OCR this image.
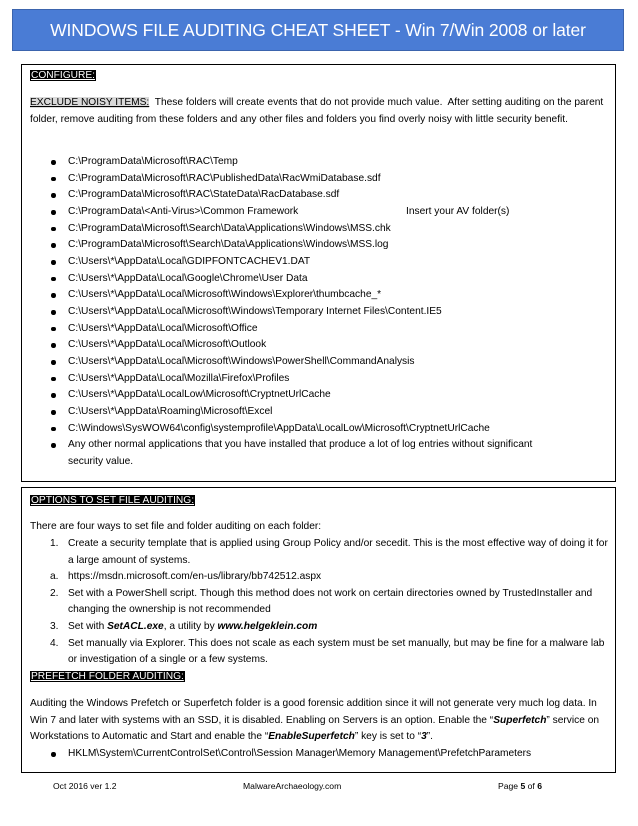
WINDOWS FILE AUDITING CHEAT SHEET - Win 7/Win 2008 or later
CONFIGURE:
EXCLUDE NOISY ITEMS:  These folders will create events that do not provide much value.  After setting auditing on the parent folder, remove auditing from these folders and any other files and folders you find overly noisy with little security benefit.
C:\ProgramData\Microsoft\RAC\Temp
C:\ProgramData\Microsoft\RAC\PublishedData\RacWmiDatabase.sdf
C:\ProgramData\Microsoft\RAC\StateData\RacDatabase.sdf
C:\ProgramData\<Anti-Virus>\Common Framework	Insert your AV folder(s)
C:\ProgramData\Microsoft\Search\Data\Applications\Windows\MSS.chk
C:\ProgramData\Microsoft\Search\Data\Applications\Windows\MSS.log
C:\Users\*\AppData\Local\GDIPFONTCACHEV1.DAT
C:\Users\*\AppData\Local\Google\Chrome\User Data
C:\Users\*\AppData\Local\Microsoft\Windows\Explorer\thumbcache_*
C:\Users\*\AppData\Local\Microsoft\Windows\Temporary Internet Files\Content.IE5
C:\Users\*\AppData\Local\Microsoft\Office
C:\Users\*\AppData\Local\Microsoft\Outlook
C:\Users\*\AppData\Local\Microsoft\Windows\PowerShell\CommandAnalysis
C:\Users\*\AppData\Local\Mozilla\Firefox\Profiles
C:\Users\*\AppData\LocalLow\Microsoft\CryptnetUrlCache
C:\Users\*\AppData\Roaming\Microsoft\Excel
C:\Windows\SysWOW64\config\systemprofile\AppData\LocalLow\Microsoft\CryptnetUrlCache
Any other normal applications that you have installed that produce a lot of log entries without significant security value.
OPTIONS TO SET FILE AUDITING:
There are four ways to set file and folder auditing on each folder:
1. Create a security template that is applied using Group Policy and/or secedit. This is the most effective way of doing it for a large amount of systems.
a. https://msdn.microsoft.com/en-us/library/bb742512.aspx
2. Set with a PowerShell script. Though this method does not work on certain directories owned by TrustedInstaller and changing the ownership is not recommended
3. Set with SetACL.exe, a utility by www.helgeklein.com
4. Set manually via Explorer. This does not scale as each system must be set manually, but may be fine for a malware lab or investigation of a single or a few systems.
PREFETCH FOLDER AUDITING:
Auditing the Windows Prefetch or Superfetch folder is a good forensic addition since it will not generate very much log data. In Win 7 and later with systems with an SSD, it is disabled. Enabling on Servers is an option. Enable the “Superfetch” service on Workstations to Automatic and Start and enable the “EnableSuperfetch” key is set to “3”.
HKLM\System\CurrentControlSet\Control\Session Manager\Memory Management\PrefetchParameters
Oct 2016 ver 1.2	MalwareArchaeology.com	Page 5 of 6
